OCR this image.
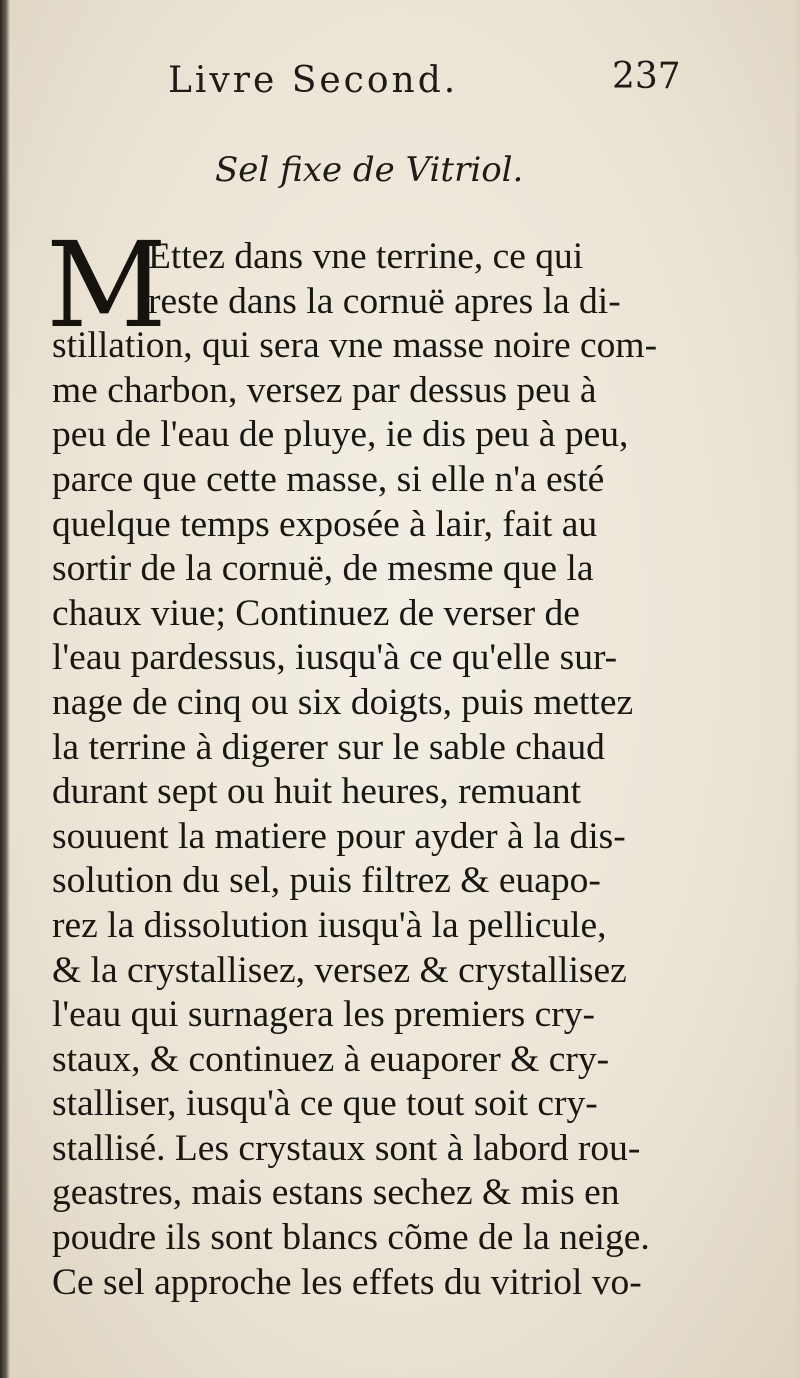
Livre Second.	237
Sel fixe de Vitriol.
M
Ettez dans vne terrine, ce qui
reste dans la cornuë apres la di-
stillation, qui sera vne masse noire com-
me charbon, versez par dessus peu à
peu de l'eau de pluye, ie dis peu à peu,
parce que cette masse, si elle n'a esté
quelque temps exposée à lair, fait au
sortir de la cornuë, de mesme que la
chaux viue; Continuez de verser de
l'eau pardessus, iusqu'à ce qu'elle sur-
nage de cinq ou six doigts, puis mettez
la terrine à digerer sur le sable chaud
durant sept ou huit heures, remuant
souuent la matiere pour ayder à la dis-
solution du sel, puis filtrez & euapo-
rez la dissolution iusqu'à la pellicule,
& la crystallisez, versez & crystallisez
l'eau qui surnagera les premiers cry-
staux, & continuez à euaporer & cry-
stalliser, iusqu'à ce que tout soit cry-
stallisé. Les crystaux sont à labord rou-
geastres, mais estans sechez & mis en
poudre ils sont blancs cõme de la neige.
Ce sel approche les effets du vitriol vo-
